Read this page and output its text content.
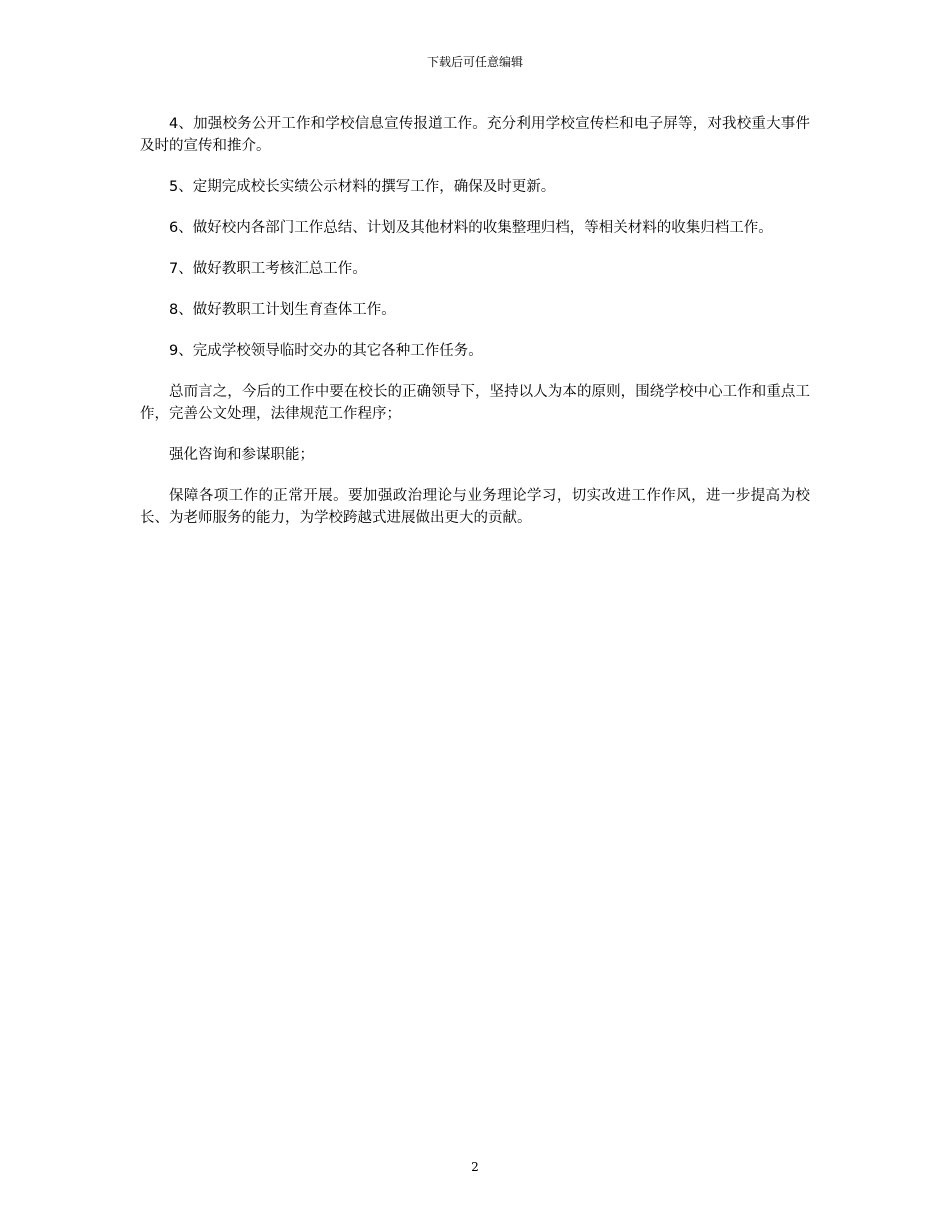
下载后可任意编辑

4、加强校务公开工作和学校信息宣传报道工作。充分利用学校宣传栏和电子屏等，对我校重大事件及时的宣传和推介。

5、定期完成校长实绩公示材料的撰写工作，确保及时更新。

6、做好校内各部门工作总结、计划及其他材料的收集整理归档，等相关材料的收集归档工作。

7、做好教职工考核汇总工作。

8、做好教职工计划生育查体工作。

9、完成学校领导临时交办的其它各种工作任务。

总而言之，今后的工作中要在校长的正确领导下，坚持以人为本的原则，围绕学校中心工作和重点工作，完善公文处理，法律规范工作程序；

强化咨询和参谋职能；

保障各项工作的正常开展。要加强政治理论与业务理论学习，切实改进工作作风，进一步提高为校长、为老师服务的能力，为学校跨越式进展做出更大的贡献。

2
